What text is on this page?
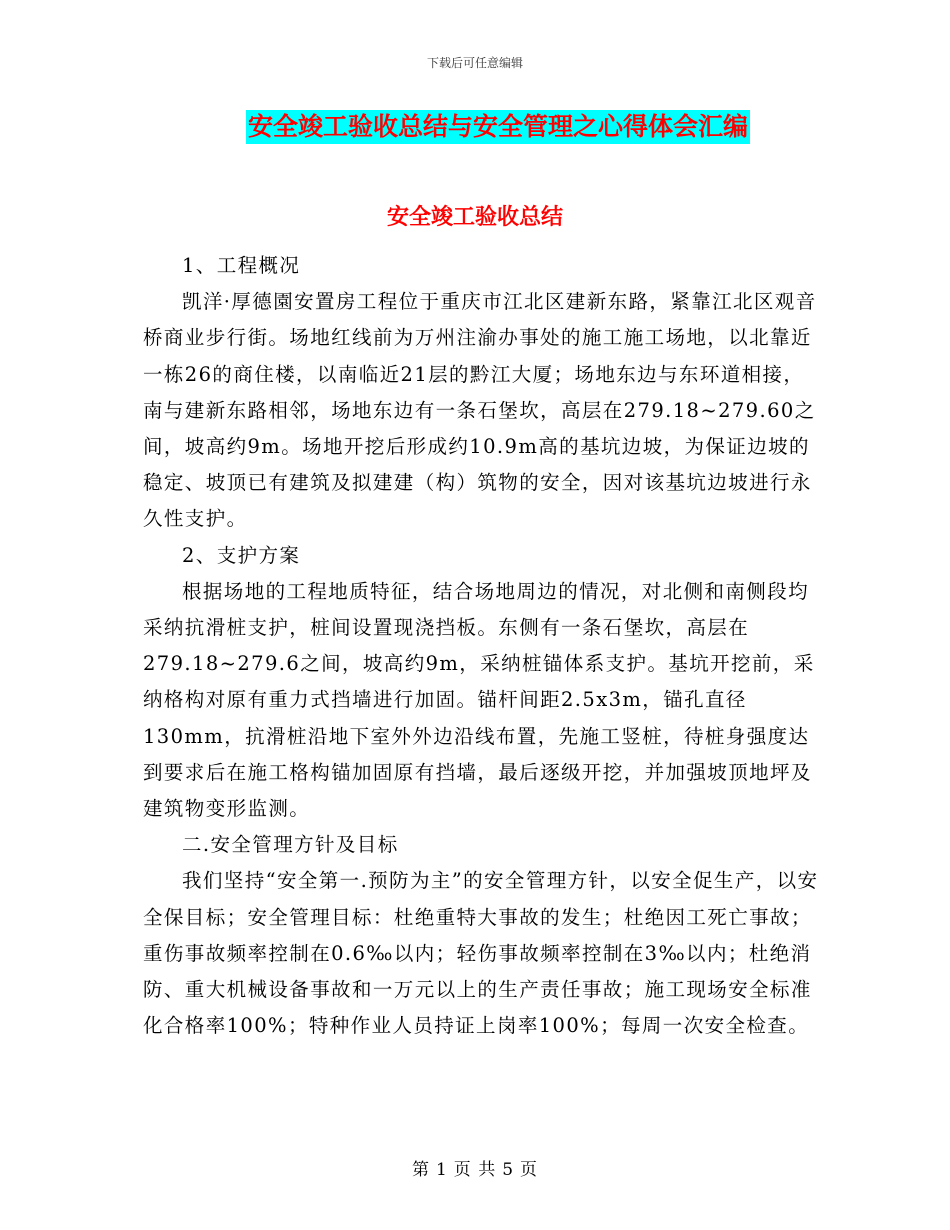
下载后可任意编辑
安全竣工验收总结与安全管理之心得体会汇编
安全竣工验收总结

1、工程概况

凯洋·厚德園安置房工程位于重庆市江北区建新东路，紧靠江北区观音桥商业步行街。场地红线前为万州注渝办事处的施工施工场地，以北靠近一栋26的商住楼，以南临近21层的黔江大厦；场地东边与东环道相接，南与建新东路相邻，场地东边有一条石堡坎，高层在279.18~279.60之间，坡高约9m。场地开挖后形成约10.9m高的基坑边坡，为保证边坡的稳定、坡顶已有建筑及拟建建（构）筑物的安全，因对该基坑边坡进行永久性支护。

2、支护方案

根据场地的工程地质特征，结合场地周边的情况，对北侧和南侧段均采纳抗滑桩支护，桩间设置现浇挡板。东侧有一条石堡坎，高层在279.18~279.6之间，坡高约9m，采纳桩锚体系支护。基坑开挖前，采纳格构对原有重力式挡墙进行加固。锚杆间距2.5x3m，锚孔直径130mm，抗滑桩沿地下室外外边沿线布置，先施工竖桩，待桩身强度达到要求后在施工格构锚加固原有挡墙，最后逐级开挖，并加强坡顶地坪及建筑物变形监测。

二.安全管理方针及目标

我们坚持“安全第一.预防为主”的安全管理方针，以安全促生产，以安全保目标；安全管理目标：杜绝重特大事故的发生；杜绝因工死亡事故；重伤事故频率控制在0.6‰以内；轻伤事故频率控制在3‰以内；杜绝消防、重大机械设备事故和一万元以上的生产责任事故；施工现场安全标准化合格率100%；特种作业人员持证上岗率100%；每周一次安全检查。

第 1 页 共 5 页
